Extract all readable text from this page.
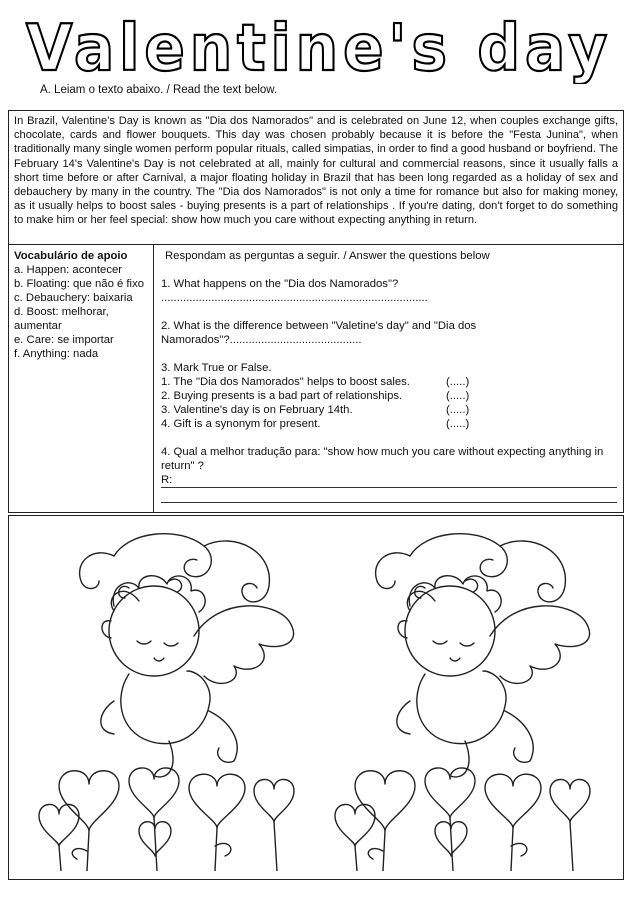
Valentine's day
A. Leiam o texto abaixo. / Read the text below.
In Brazil, Valentine's Day is known as "Dia dos Namorados" and is celebrated on June 12, when couples exchange gifts, chocolate, cards and flower bouquets. This day was chosen probably because it is before the "Festa Junina", when traditionally many single women perform popular rituals, called simpatias, in order to find a good husband or boyfriend. The February 14's Valentine's Day is not celebrated at all, mainly for cultural and commercial reasons, since it usually falls a short time before or after Carnival, a major floating holiday in Brazil that has been long regarded as a holiday of sex and debauchery by many in the country. The "Dia dos Namorados" is not only a time for romance but also for making money, as it usually helps to boost sales - buying presents is a part of relationships . If you're dating, don't forget to do something to make him or her feel special: show how much you care without expecting anything in return.
Vocabulário de apoio
a. Happen: acontecer
b. Floating: que não é fixo
c. Debauchery: baixaria
d. Boost: melhorar, aumentar
e. Care: se importar
f. Anything: nada

Respondam as perguntas a seguir. / Answer the questions below

1. What happens on the "Dia dos Namorados"? .....................................................................................

2. What is the difference between "Valetine's day" and "Dia dos Namorados"?..........................................

3. Mark True or False.

1. The "Dia dos Namorados" helps to boost sales.	(.....)
2. Buying presents is a bad part of relationships.	(.....)
3. Valentine's day is on February 14th.	(.....)
4. Gift is a synonym for present.	(.....)

4. Qual a melhor tradução para: "show how much you care without expecting anything in return" ?

R:
